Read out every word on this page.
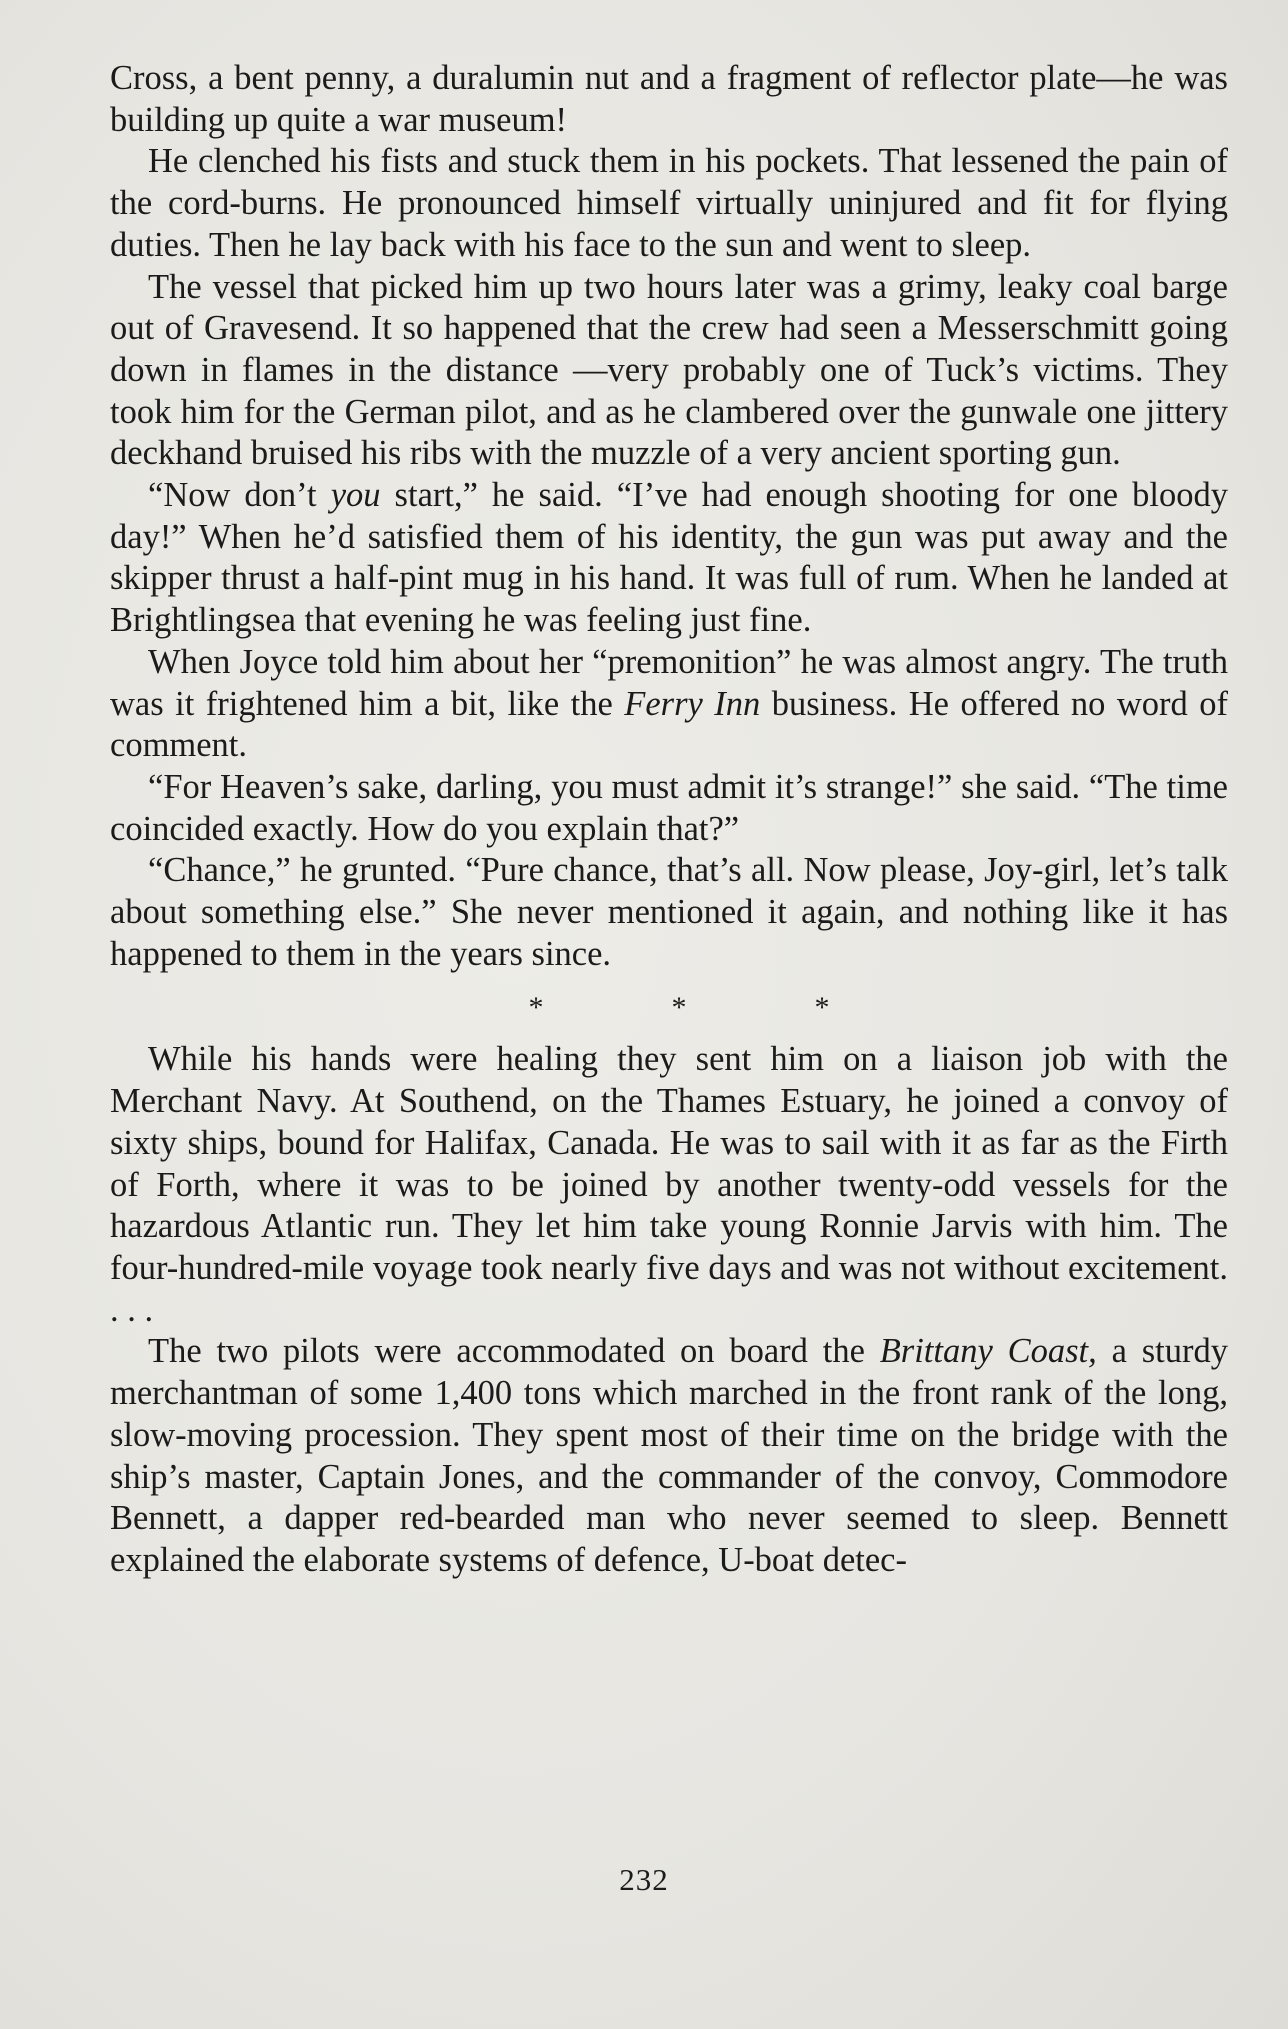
Cross, a bent penny, a duralumin nut and a fragment of reflector plate—he was building up quite a war museum!

He clenched his fists and stuck them in his pockets. That lessened the pain of the cord-burns. He pronounced himself virtually uninjured and fit for flying duties. Then he lay back with his face to the sun and went to sleep.

The vessel that picked him up two hours later was a grimy, leaky coal barge out of Gravesend. It so happened that the crew had seen a Messerschmitt going down in flames in the distance —very probably one of Tuck’s victims. They took him for the German pilot, and as he clambered over the gunwale one jittery deckhand bruised his ribs with the muzzle of a very ancient sporting gun.

“Now don’t you start,” he said. “I’ve had enough shooting for one bloody day!” When he’d satisfied them of his identity, the gun was put away and the skipper thrust a half-pint mug in his hand. It was full of rum. When he landed at Brightlingsea that evening he was feeling just fine.

When Joyce told him about her “premonition” he was almost angry. The truth was it frightened him a bit, like the Ferry Inn business. He offered no word of comment.

“For Heaven’s sake, darling, you must admit it’s strange!” she said. “The time coincided exactly. How do you explain that?”

“Chance,” he grunted. “Pure chance, that’s all. Now please, Joy-girl, let’s talk about something else.” She never mentioned it again, and nothing like it has happened to them in the years since.

*	*	*

While his hands were healing they sent him on a liaison job with the Merchant Navy. At Southend, on the Thames Estuary, he joined a convoy of sixty ships, bound for Halifax, Canada. He was to sail with it as far as the Firth of Forth, where it was to be joined by another twenty-odd vessels for the hazardous Atlantic run. They let him take young Ronnie Jarvis with him. The four-hundred-mile voyage took nearly five days and was not without excitement. . . .

The two pilots were accommodated on board the Brittany Coast, a sturdy merchantman of some 1,400 tons which marched in the front rank of the long, slow-moving procession. They spent most of their time on the bridge with the ship’s master, Captain Jones, and the commander of the convoy, Commodore Bennett, a dapper red-bearded man who never seemed to sleep. Bennett explained the elaborate systems of defence, U-boat detec-

232
